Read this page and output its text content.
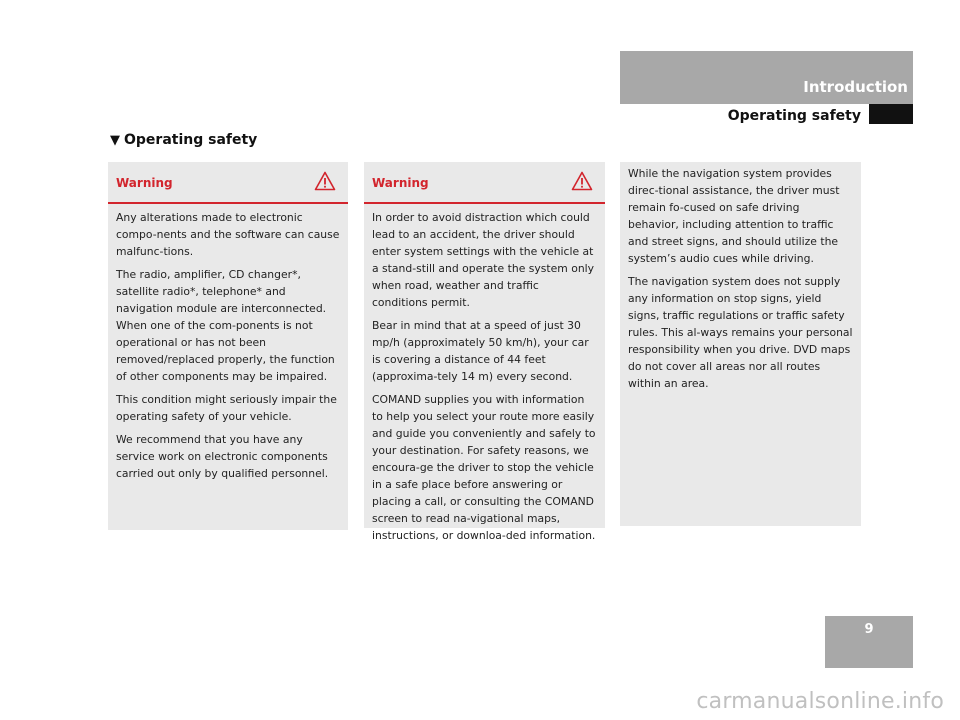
Introduction
Operating safety
▼ Operating safety
Warning

Any alterations made to electronic compo-nents and the software can cause malfunc-tions.

The radio, amplifier, CD changer*, satellite radio*, telephone* and navigation module are interconnected. When one of the com-ponents is not operational or has not been removed/replaced properly, the function of other components may be impaired.

This condition might seriously impair the operating safety of your vehicle.

We recommend that you have any service work on electronic components carried out only by qualified personnel.

Warning

In order to avoid distraction which could lead to an accident, the driver should enter system settings with the vehicle at a stand-still and operate the system only when road, weather and traffic conditions permit.

Bear in mind that at a speed of just 30 mp/h (approximately 50 km/h), your car is covering a distance of 44 feet (approxima-tely 14 m) every second.

COMAND supplies you with information to help you select your route more easily and guide you conveniently and safely to your destination. For safety reasons, we encoura-ge the driver to stop the vehicle in a safe place before answering or placing a call, or consulting the COMAND screen to read na-vigational maps, instructions, or downloa-ded information.

While the navigation system provides direc-tional assistance, the driver must remain fo-cused on safe driving behavior, including attention to traffic and street signs, and should utilize the system’s audio cues while driving.

The navigation system does not supply any information on stop signs, yield signs, traffic regulations or traffic safety rules. This al-ways remains your personal responsibility when you drive. DVD maps do not cover all areas nor all routes within an area.

9
carmanualsonline.info
